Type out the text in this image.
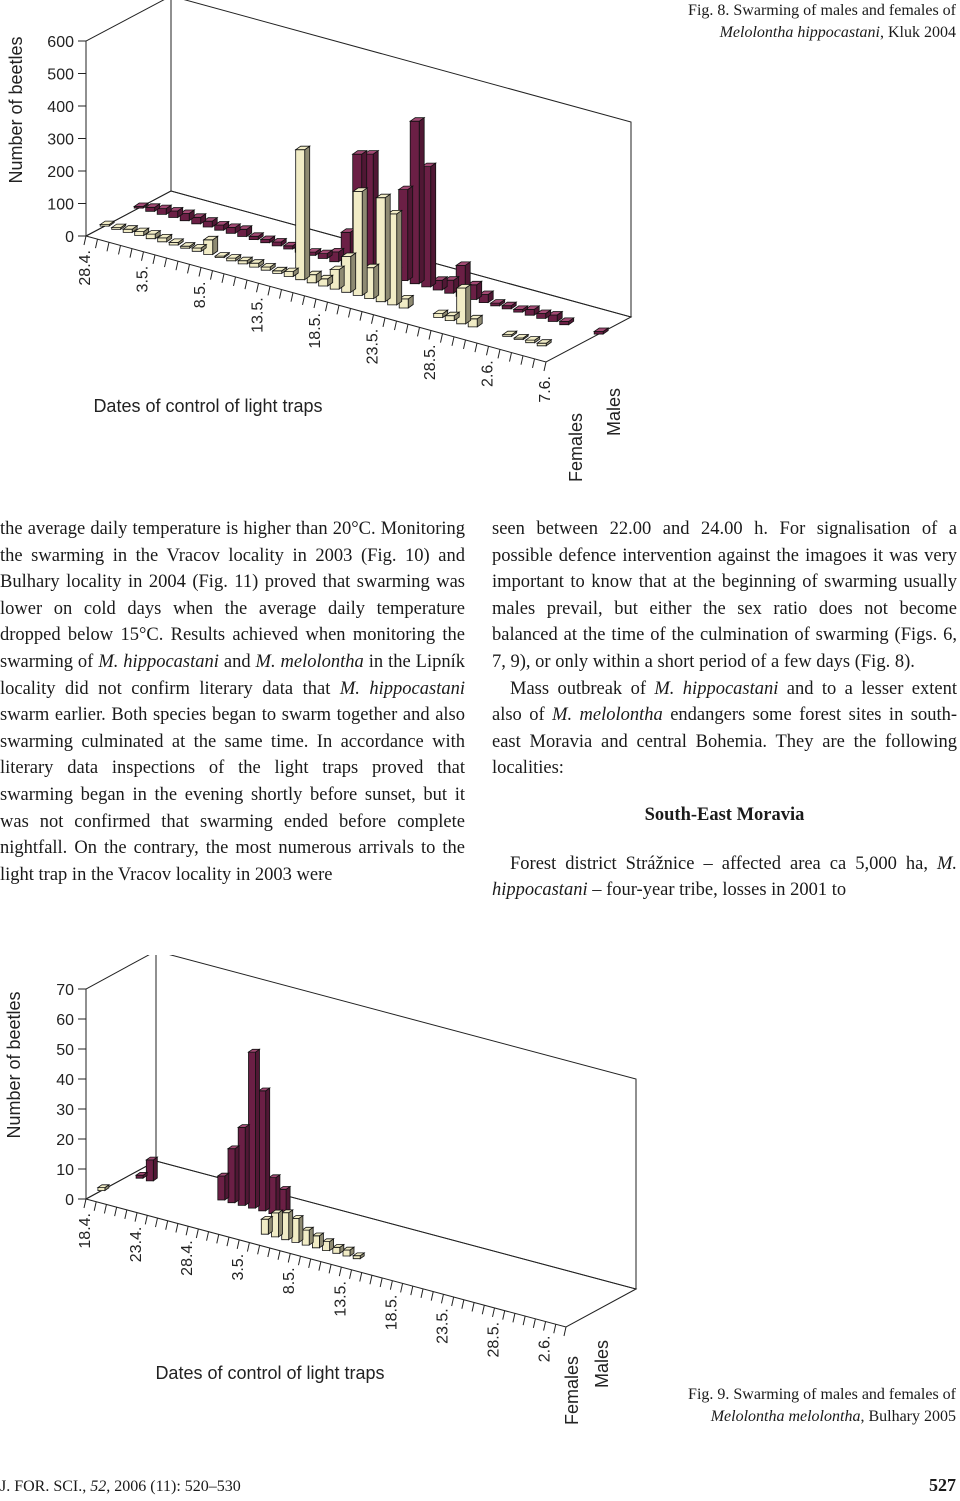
0
100
200
300
400
500
600
28.4.	3.5.
8.5.
13.5.	18.5.	23.5.	28.5.	2.6.
7.6.
Number of beetles
Dates of control of light traps
Females
Males
Fig. 8. Swarming of males and females of
Melolontha hippocastani, Kluk 2004

the average daily temperature is higher than 20°C. Monitoring the swarming in the Vracov locality in 2003 (Fig. 10) and Bulhary locality in 2004 (Fig. 11) proved that swarming was lower on cold days when the average daily temperature dropped below 15°C. Results achieved when monitoring the swarming of M. hippocastani and M. melolontha in the Lipník locality did not confirm literary data that M. hippocastani swarm earlier. Both species began to swarm together and also swarming culminated at the same time. In accordance with literary data inspections of the light traps proved that swarming began in the evening shortly before sunset, but it was not confirmed that swarming ended before complete nightfall. On the contrary, the most numerous arrivals to the light trap in the Vracov locality in 2003 were

seen between 22.00 and 24.00 h. For signalisation of a possible defence intervention against the imagoes it was very important to know that at the beginning of swarming usually males prevail, but either the sex ratio does not become balanced at the time of the culmination of swarming (Figs. 6, 7, 9), or only within a short period of a few days (Fig. 8).

Mass outbreak of M. hippocastani and to a lesser extent also of M. melolontha endangers some forest sites in south-east Moravia and central Bohemia. They are the following localities:

South-East Moravia

Forest district Strážnice – affected area ca 5,000 ha, M. hippocastani – four-year tribe, losses in 2001 to

0
10
20
30
40
50
60
70
18.4. 23.4. 28.4. 3.5.
8.5.
13.5. 18.5. 23.5. 28.5. 2.6.
Number of beetles
Dates of control of light traps	Females Males
Fig. 9. Swarming of males and females of
Melolontha melolontha, Bulhary 2005
J. FOR. SCI., 52, 2006 (11): 520–530	527
